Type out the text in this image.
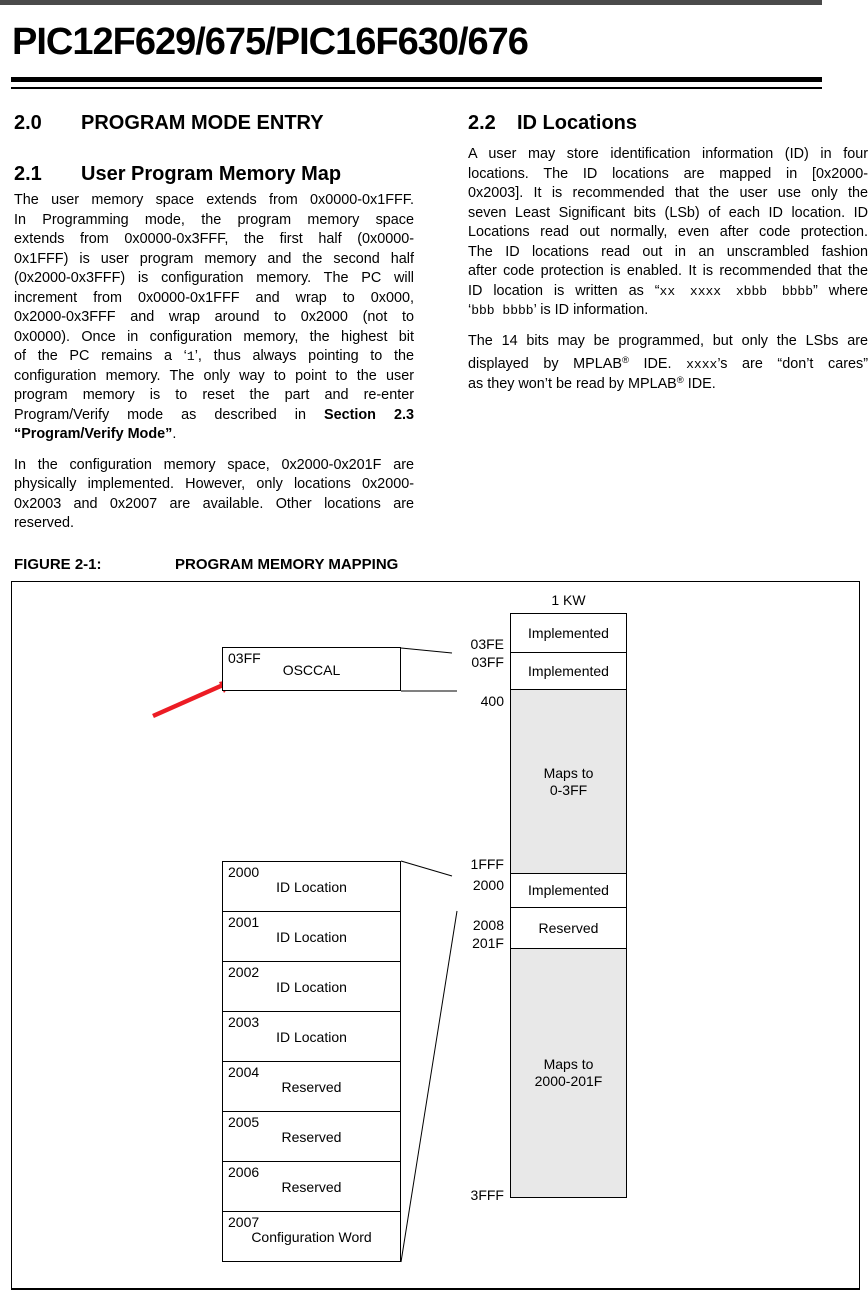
PIC12F629/675/PIC16F630/676
2.0	PROGRAM MODE ENTRY
2.1	User Program Memory Map
The user memory space extends from 0x0000-0x1FFF.
In Programming mode, the program memory space
extends from 0x0000-0x3FFF, the first half (0x0000-
0x1FFF) is user program memory and the second half
(0x2000-0x3FFF) is configuration memory. The PC will
increment from 0x0000-0x1FFF and wrap to 0x000,
0x2000-0x3FFF and wrap around to 0x2000 (not to
0x0000). Once in configuration memory, the highest bit
of the PC remains a ‘1’, thus always pointing to the
configuration memory. The only way to point to the user
program memory is to reset the part and re-enter
Program/Verify mode as described in Section 2.3
“Program/Verify Mode”.
In the configuration memory space, 0x2000-0x201F are
physically implemented. However, only locations 0x2000-
0x2003 and 0x2007 are available. Other locations are
reserved.
2.2	ID Locations
A user may store identification information (ID) in four
locations. The ID locations are mapped in [0x2000-
0x2003]. It is recommended that the user use only the
seven Least Significant bits (LSb) of each ID location. ID
Locations read out normally, even after code protection.
The ID locations read out in an unscrambled fashion
after code protection is enabled. It is recommended that the
ID location is written as “xx xxxx xbbb bbbb” where
‘bbb bbbb’ is ID information.
The 14 bits may be programmed, but only the LSbs are
displayed by MPLAB® IDE. xxxx’s are “don’t cares”
as they won’t be read by MPLAB® IDE.
FIGURE 2-1:	PROGRAM MEMORY MAPPING
1 KW
Implemented
Implemented
Maps to
0-3FF
Implemented
Reserved
Maps to
2000-201F
03FF
OSCCAL
2000
ID Location
2001
ID Location
2002
ID Location
2003
ID Location
2004
Reserved
2005
Reserved
2006
Reserved
2007
Configuration Word
03FE
03FF
400
1FFF
2000
2008
201F
3FFF
